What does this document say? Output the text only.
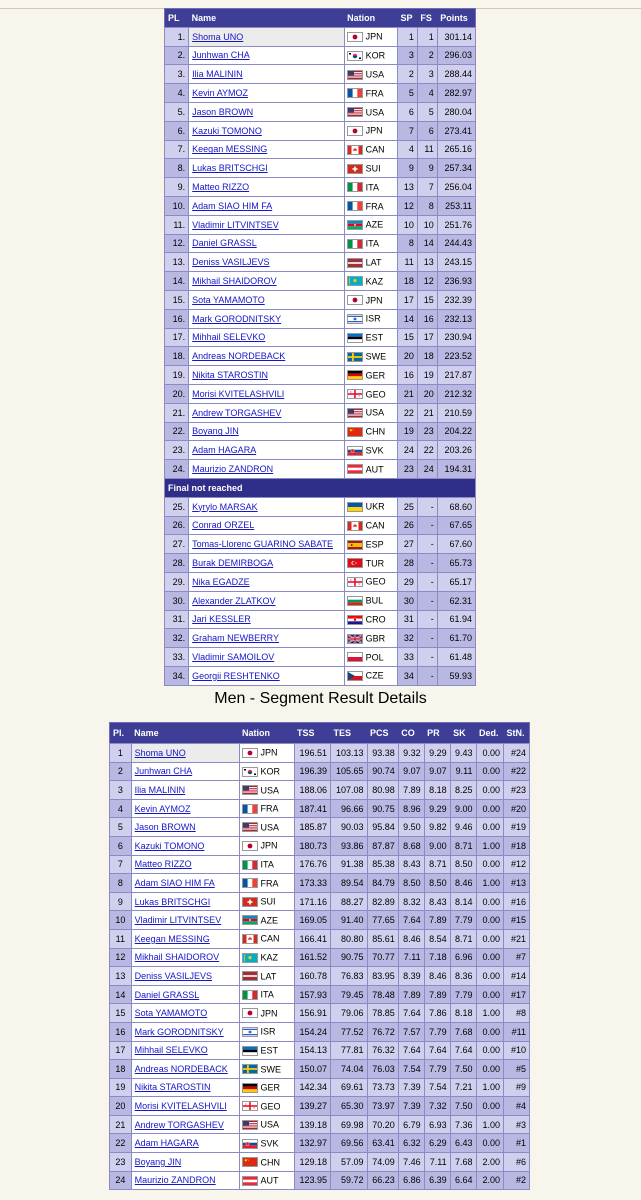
PL	Name	Nation	SP	FS	Points
1.	Shoma UNO	JPN	1	1	301.14
2.	Junhwan CHA	KOR	3	2	296.03
3.	Ilia MALININ	USA	2	3	288.44
4.	Kevin AYMOZ	FRA	5	4	282.97
5.	Jason BROWN	USA	6	5	280.04
6.	Kazuki TOMONO	JPN	7	6	273.41
7.	Keegan MESSING	CAN	4	11	265.16
8.	Lukas BRITSCHGI	SUI	9	9	257.34
9.	Matteo RIZZO	ITA	13	7	256.04
10.	Adam SIAO HIM FA	FRA	12	8	253.11
11.	Vladimir LITVINTSEV	AZE	10	10	251.76
12.	Daniel GRASSL	ITA	8	14	244.43
13.	Deniss VASILJEVS	LAT	11	13	243.15
14.	Mikhail SHAIDOROV	KAZ	18	12	236.93
15.	Sota YAMAMOTO	JPN	17	15	232.39
16.	Mark GORODNITSKY	ISR	14	16	232.13
17.	Mihhail SELEVKO	EST	15	17	230.94
18.	Andreas NORDEBACK	SWE	20	18	223.52
19.	Nikita STAROSTIN	GER	16	19	217.87
20.	Morisi KVITELASHVILI	GEO	21	20	212.32
21.	Andrew TORGASHEV	USA	22	21	210.59
22.	Boyang JIN	CHN	19	23	204.22
23.	Adam HAGARA	SVK	24	22	203.26
24.	Maurizio ZANDRON	AUT	23	24	194.31
Final not reached					
25.	Kyrylo MARSAK	UKR	25	-	68.60
26.	Conrad ORZEL	CAN	26	-	67.65
27.	Tomas-Llorenc GUARINO SABATE	ESP	27	-	67.60
28.	Burak DEMIRBOGA	TUR	28	-	65.73
29.	Nika EGADZE	GEO	29	-	65.17
30.	Alexander ZLATKOV	BUL	30	-	62.31
31.	Jari KESSLER	CRO	31	-	61.94
32.	Graham NEWBERRY	GBR	32	-	61.70
33.	Vladimir SAMOILOV	POL	33	-	61.48
34.	Georgii RESHTENKO	CZE	34	-	59.93
Men - Segment Result Details
Pl.	Name	Nation	TSS	TES	PCS	CO	PR	SK	Ded.	StN.
1	Shoma UNO	JPN	196.51	103.13	93.38	9.32	9.29	9.43	0.00	#24
2	Junhwan CHA	KOR	196.39	105.65	90.74	9.07	9.07	9.11	0.00	#22
3	Ilia MALININ	USA	188.06	107.08	80.98	7.89	8.18	8.25	0.00	#23
4	Kevin AYMOZ	FRA	187.41	96.66	90.75	8.96	9.29	9.00	0.00	#20
5	Jason BROWN	USA	185.87	90.03	95.84	9.50	9.82	9.46	0.00	#19
6	Kazuki TOMONO	JPN	180.73	93.86	87.87	8.68	9.00	8.71	1.00	#18
7	Matteo RIZZO	ITA	176.76	91.38	85.38	8.43	8.71	8.50	0.00	#12
8	Adam SIAO HIM FA	FRA	173.33	89.54	84.79	8.50	8.50	8.46	1.00	#13
9	Lukas BRITSCHGI	SUI	171.16	88.27	82.89	8.32	8.43	8.14	0.00	#16
10	Vladimir LITVINTSEV	AZE	169.05	91.40	77.65	7.64	7.89	7.79	0.00	#15
11	Keegan MESSING	CAN	166.41	80.80	85.61	8.46	8.54	8.71	0.00	#21
12	Mikhail SHAIDOROV	KAZ	161.52	90.75	70.77	7.11	7.18	6.96	0.00	#7
13	Deniss VASILJEVS	LAT	160.78	76.83	83.95	8.39	8.46	8.36	0.00	#14
14	Daniel GRASSL	ITA	157.93	79.45	78.48	7.89	7.89	7.79	0.00	#17
15	Sota YAMAMOTO	JPN	156.91	79.06	78.85	7.64	7.86	8.18	1.00	#8
16	Mark GORODNITSKY	ISR	154.24	77.52	76.72	7.57	7.79	7.68	0.00	#11
17	Mihhail SELEVKO	EST	154.13	77.81	76.32	7.64	7.64	7.64	0.00	#10
18	Andreas NORDEBACK	SWE	150.07	74.04	76.03	7.54	7.79	7.50	0.00	#5
19	Nikita STAROSTIN	GER	142.34	69.61	73.73	7.39	7.54	7.21	1.00	#9
20	Morisi KVITELASHVILI	GEO	139.27	65.30	73.97	7.39	7.32	7.50	0.00	#4
21	Andrew TORGASHEV	USA	139.18	69.98	70.20	6.79	6.93	7.36	1.00	#3
22	Adam HAGARA	SVK	132.97	69.56	63.41	6.32	6.29	6.43	0.00	#1
23	Boyang JIN	CHN	129.18	57.09	74.09	7.46	7.11	7.68	2.00	#6
24	Maurizio ZANDRON	AUT	123.95	59.72	66.23	6.86	6.39	6.64	2.00	#2
